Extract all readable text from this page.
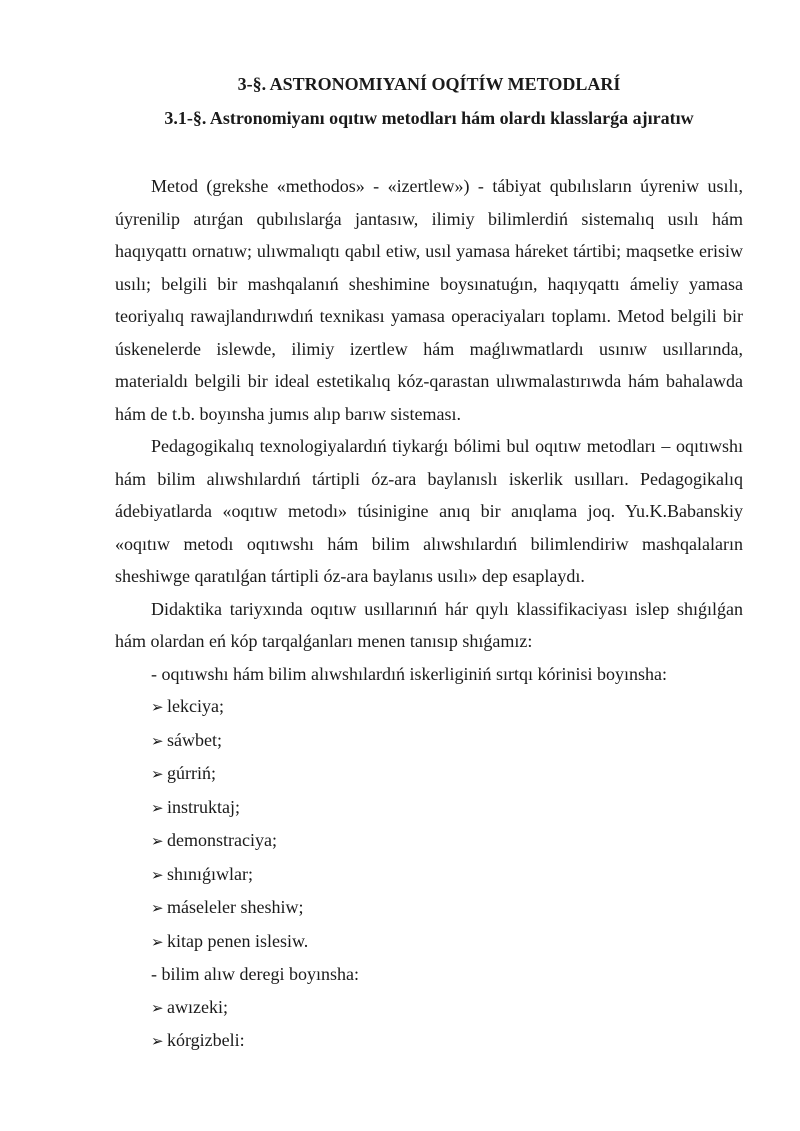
3-§. ASTRONOMIYANÍ OQÍTÍW METODLARÍ

3.1-§. Astronomiyanı oqıtıw metodları hám olardı klasslarǵa ajıratıw

Metod (grekshe «methodos» - «izertlew») - tábiyat qubılısların úyreniw usılı, úyrenilip atırǵan qubılıslarǵa jantasıw, ilimiy bilimlerdiń sistemalıq usılı hám haqıyqattı ornatıw; ulıwmalıqtı qabıl etiw, usıl yamasa háreket tártibi; maqsetke erisiw usılı; belgili bir mashqalanıń sheshimine boysınatuǵın, haqıyqattı ámeliy yamasa teoriyalıq rawajlandırıwdıń texnikası yamasa operaciyaları toplamı. Metod belgili bir úskenelerde islewde, ilimiy izertlew hám maǵlıwmatlardı usınıw usıllarında, materialdı belgili bir ideal estetikalıq kóz-qarastan ulıwmalastırıwda hám bahalawda hám de t.b. boyınsha jumıs alıp barıw sisteması.

Pedagogikalıq texnologiyalardıń tiykarǵı bólimi bul oqıtıw metodları – oqıtıwshı hám bilim alıwshılardıń tártipli óz-ara baylanıslı iskerlik usılları. Pedagogikalıq ádebiyatlarda «oqıtıw metodı» túsinigine anıq bir anıqlama joq. Yu.K.Babanskiy «oqıtıw metodı oqıtıwshı hám bilim alıwshılardıń bilimlendiriw mashqalaların sheshiwge qaratılǵan tártipli óz-ara baylanıs usılı» dep esaplaydı.

Didaktika tariyxında oqıtıw usıllarınıń hár qıylı klassifikaciyası islep shıǵılǵan hám olardan eń kóp tarqalǵanları menen tanısıp shıǵamız:

- oqıtıwshı hám bilim alıwshılardıń iskerliginiń sırtqı kórinisi boyınsha:

➢ lekciya;

➢ sáwbet;

➢ gúrriń;

➢ instruktaj;

➢ demonstraciya;

➢ shınıǵıwlar;

➢ máseleler sheshiw;

➢ kitap penen islesiw.

- bilim alıw deregi boyınsha:

➢ awızeki;

➢ kórgizbeli:
